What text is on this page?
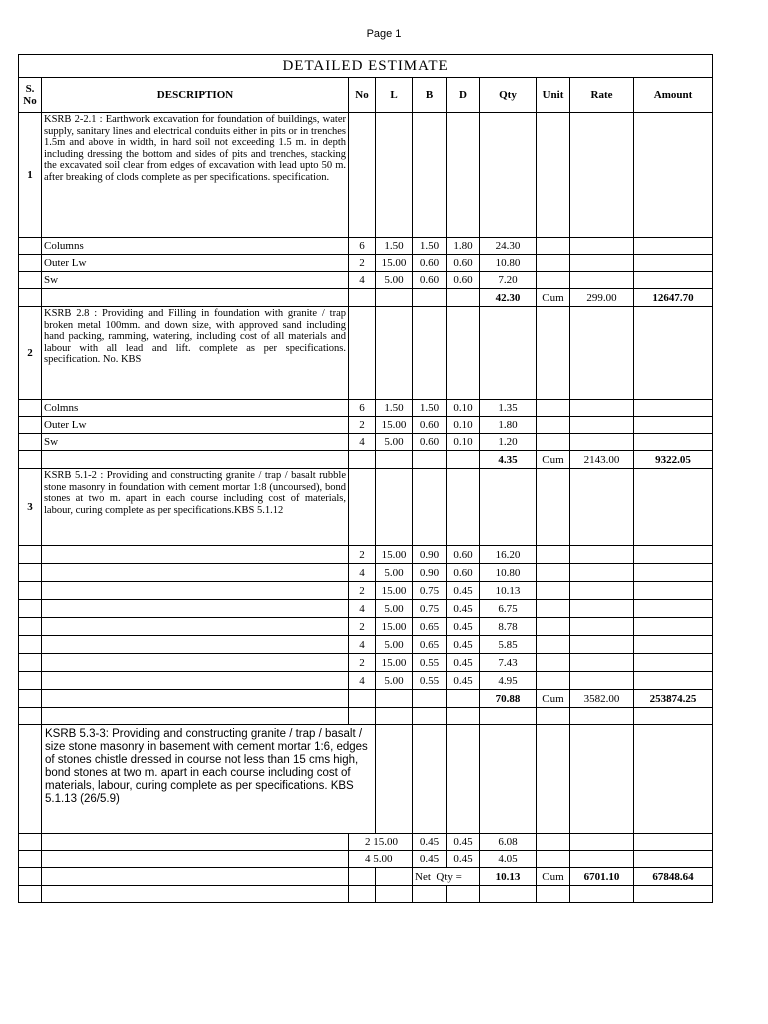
Page 1
DETAILED ESTIMATE									
S. No	DESCRIPTION	No	L	B	D	Qty	Unit	Rate	Amount
1	KSRB 2-2.1 : Earthwork excavation for foundation of buildings, water supply, sanitary lines and electrical conduits either in pits or in trenches 1.5m and above in width, in hard soil not exceeding 1.5 m. in depth including dressing the bottom and sides of pits and trenches, stacking the excavated soil clear from edges of excavation with lead upto 50 m. after breaking of clods complete as per specifications. specification.								
	Columns	6	1.50	1.50	1.80	24.30			
	Outer Lw	2	15.00	0.60	0.60	10.80			
	Sw	4	5.00	0.60	0.60	7.20			
						42.30	Cum	299.00	12647.70
2	KSRB 2.8 : Providing and Filling in foundation with granite / trap broken metal 100mm. and down size, with approved sand including hand packing, ramming, watering, including cost of all materials and labour with all lead and lift. complete as per specifications. specification. No. KBS								
	Colmns	6	1.50	1.50	0.10	1.35			
	Outer Lw	2	15.00	0.60	0.10	1.80			
	Sw	4	5.00	0.60	0.10	1.20			
						4.35	Cum	2143.00	9322.05
3	KSRB 5.1-2 : Providing and constructing granite / trap / basalt rubble stone masonry in foundation with cement mortar 1:8 (uncoursed), bond stones at two m. apart in each course including cost of materials, labour, curing complete as per specifications.KBS 5.1.12								
		2	15.00	0.90	0.60	16.20			
		4	5.00	0.90	0.60	10.80			
		2	15.00	0.75	0.45	10.13			
		4	5.00	0.75	0.45	6.75			
		2	15.00	0.65	0.45	8.78			
		4	5.00	0.65	0.45	5.85			
		2	15.00	0.55	0.45	7.43			
		4	5.00	0.55	0.45	4.95			
						70.88	Cum	3582.00	253874.25

	KSRB 5.3-3: Providing and constructing granite / trap / basalt / size stone masonry in basement with cement mortar 1:6, edges of stones chistle dressed in course not less than 15 cms high, bond stones at two m. apart in each course including cost of materials, labour, curing complete as per specifications. KBS 5.1.13 (26/5.9)								
		2 15.00		0.45	0.45	6.08			
		4 5.00		0.45	0.45	4.05			
				Net  Qty =		10.13	Cum	6701.10	67848.64
